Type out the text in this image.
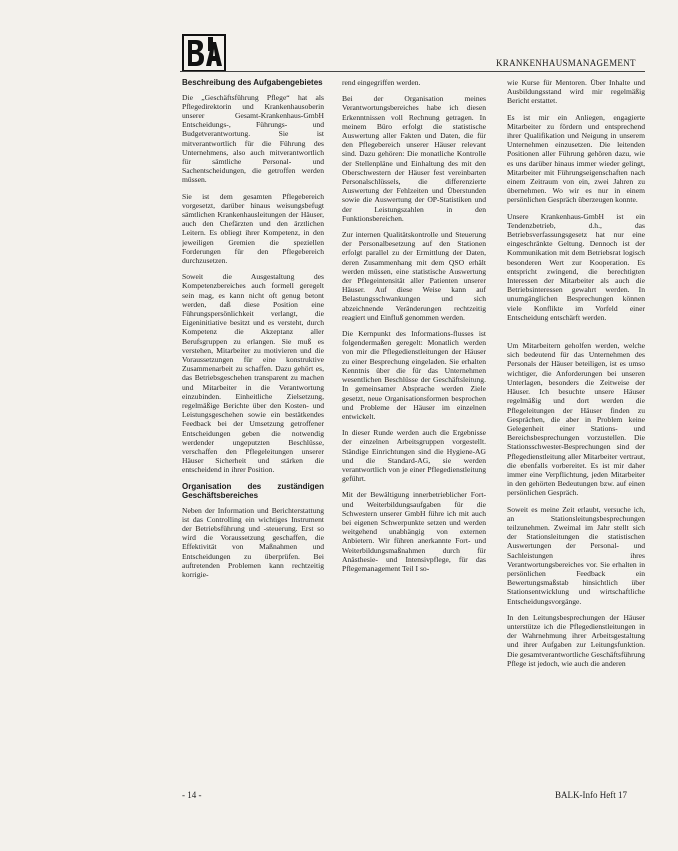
KRANKENHAUSMANAGEMENT
Beschreibung des Aufgabengebietes

Die „Geschäftsführung Pflege“ hat als Pflegedirektorin und Krankenhausoberin unserer Gesamt-Krankenhaus-GmbH Entscheidungs-, Führungs- und Budgetverantwortung. Sie ist mitverantwortlich für die Führung des Unternehmens, also auch mitverantwortlich für sämtliche Personal- und Sachentscheidungen, die getroffen werden müssen.

Sie ist dem gesamten Pflegebereich vorgesetzt, darüber hinaus weisungsbefugt sämtlichen Krankenhausleitungen der Häuser, auch den Chefärzten und den ärztlichen Leitern. Es obliegt ihrer Kompetenz, in den jeweiligen Gremien die speziellen Forderungen für den Pflegebereich durchzusetzen.

Soweit die Ausgestaltung des Kompetenzbereiches auch formell geregelt sein mag, es kann nicht oft genug betont werden, daß diese Position eine Führungspersönlichkeit verlangt, die Eigeninitiative besitzt und es versteht, durch Kompetenz die Akzeptanz aller Berufsgruppen zu erlangen. Sie muß es verstehen, Mitarbeiter zu motivieren und die Voraussetzungen für eine konstruktive Zusammenarbeit zu schaffen. Dazu gehört es, das Betriebsgeschehen transparent zu machen und Mitarbeiter in die Verantwortung einzubinden. Einheitliche Zielsetzung, regelmäßige Berichte über den Kosten- und Leistungsgeschehen sowie ein bestätkendes Feedback bei der Umsetzung getroffener Entscheidungen geben die notwendig werdender ungeputzten Beschlüsse, verschaffen den Pflegeleitungen unserer Häuser Sicherheit und stärken die entscheidend in ihrer Position.

Organisation des zuständigen Geschäftsbereiches

Neben der Information und Berichterstattung ist das Controlling ein wichtiges Instrument der Betriebsführung und -steuerung. Erst so wird die Voraussetzung geschaffen, die Effektivität von Maßnahmen und Entscheidungen zu überprüfen. Bei auftretenden Problemen kann rechtzeitig korrigie-

rend eingegriffen werden.

Bei der Organisation meines Verantwortungsbereiches habe ich diesen Erkenntnissen voll Rechnung getragen. In meinem Büro erfolgt die statistische Auswertung aller Fakten und Daten, die für den Pflegebereich unserer Häuser relevant sind. Dazu gehören: Die monatliche Kontrolle der Stellenpläne und Einhaltung des mit den Oberschwestern der Häuser fest vereinbarten Personalschlüssels, die differenzierte Auswertung der Fehlzeiten und Überstunden sowie die Auswertung der OP-Statistiken und der Leistungszahlen in den Funktionsbereichen.

Zur internen Qualitätskontrolle und Steuerung der Personalbesetzung auf den Stationen erfolgt parallel zu der Ermittlung der Daten, deren Zusammenhang mit dem QSO erhält werden müssen, eine statistische Auswertung der Pflegeintensität aller Patienten unserer Häuser. Auf diese Weise kann auf Belastungsschwankungen und sich abzeichnende Veränderungen rechtzeitig reagiert und Einfluß genommen werden.

Die Kernpunkt des Informations-flusses ist folgendermaßen geregelt: Monatlich werden von mir die Pflegedienstleitungen der Häuser zu einer Besprechung eingeladen. Sie erhalten Kenntnis über die für das Unternehmen wesentlichen Beschlüsse der Geschäftsleitung. In gemeinsamer Absprache werden Ziele gesetzt, neue Organisationsformen besprochen und Probleme der Häuser im einzelnen entwickelt.

In dieser Runde werden auch die Ergebnisse der einzelnen Arbeitsgruppen vorgestellt. Ständige Einrichtungen sind die Hygiene-AG und die Standard-AG, sie werden verantwortlich von je einer Pflegedienstleitung geführt.

Mit der Bewältigung innerbetrieblicher Fort- und Weiterbildungsaufgaben für die Schwestern unserer GmbH führe ich mit auch bei eigenen Schwerpunkte setzen und werden weitgehend unabhängig von externen Anbietern. Wir führen anerkannte Fort- und Weiterbildungsmaßnahmen durch für Anästhesie- und Intensivpflege, für das Pflegemanagement Teil I so-

wie Kurse für Mentoren. Über Inhalte und Ausbildungsstand wird mir regelmäßig Bericht erstattet.

Es ist mir ein Anliegen, engagierte Mitarbeiter zu fördern und entsprechend ihrer Qualifikation und Neigung in unserem Unternehmen einzusetzen. Die leitenden Positionen aller Führung gehören dazu, wie es uns darüber hinaus immer wieder gelingt, Mitarbeiter mit Führungseigenschaften nach einem Zeitraum von ein, zwei Jahren zu übernehmen. Wo wir es nur in einem persönlichen Gespräch überzeugen konnte.

Unsere Krankenhaus-GmbH ist ein Tendenzbetrieb, d.h., das Betriebsverfassungsgesetz hat nur eine eingeschränkte Geltung. Dennoch ist der Kommunikation mit dem Betriebsrat logisch besonderen Wert zur Kooperation. Es entspricht zwingend, die berechtigten Interessen der Mitarbeiter als auch die Betriebsinteressen gewahrt werden. In unumgänglichen Besprechungen können viele Konflikte im Vorfeld einer Entscheidung entschärft werden.

Um Mitarbeitern geholfen werden, welche sich bedeutend für das Unternehmen des Personals der Häuser beteiligen, ist es umso wichtiger, die Anforderungen bei unseren Unterlagen, besonders die Zeitweise der Häuser. Ich besuchte unsere Häuser regelmäßig und dort werden die Pflegeleitungen der Häuser finden zu Gesprächen, die aber in Problem keine Gelegenheit einer Stations- und Bereichsbesprechungen vorzustellen. Die Stationsschwester-Besprechungen sind der Pflegedienstleitung aller Mitarbeiter vertraut, die ebenfalls vorbereitet. Es ist mir daher immer eine Verpflichtung, jeden Mitarbeiter in den gehörten Bedeutungen bzw. auf einen persönlichen Gespräch.

Soweit es meine Zeit erlaubt, versuche ich, an Stationsleitungsbesprechungen teilzunehmen. Zweimal im Jahr stellt sich der Stationsleitungen die statistischen Auswertungen der Personal- und Sachleistungen ihres Verantwortungsbereiches vor. Sie erhalten in persönlichen Feedback ein Bewertungsmaßstab hinsichtlich über Stationsentwicklung und wirtschaftliche Entscheidungsvorgänge.

In den Leitungsbesprechungen der Häuser unterstütze ich die Pflegedienstleitungen in der Wahrnehmung ihrer Arbeitsgestaltung und ihrer Aufgaben zur Leitungsfunktion. Die gesamtverantwortliche Geschäftsführung Pflege ist jedoch, wie auch die anderen

- 14 -	BALK-Info Heft 17
